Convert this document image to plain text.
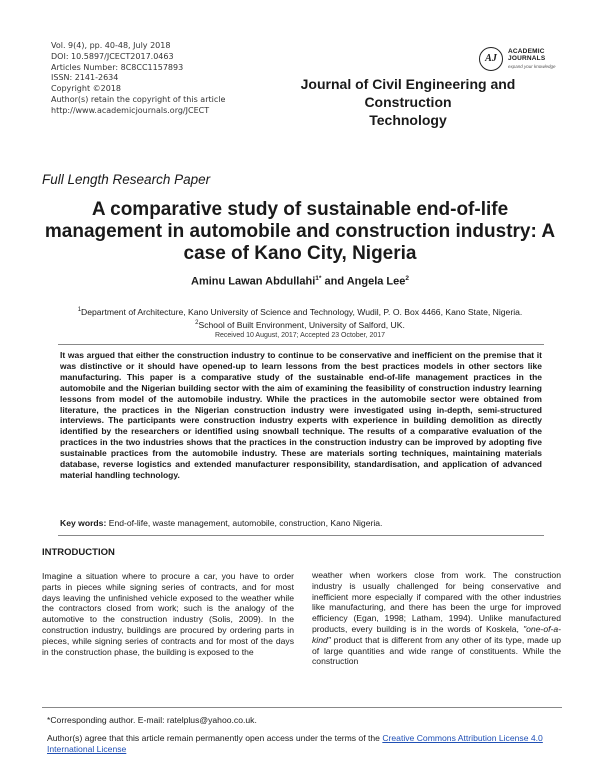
Vol. 9(4), pp. 40-48, July 2018
DOI: 10.5897/JCECT2017.0463
Articles Number: 8C8CC1157893
ISSN: 2141-2634
Copyright ©2018
Author(s) retain the copyright of this article
http://www.academicjournals.org/JCECT
AJ
ACADEMIC
JOURNALS
expand your knowledge
Journal of Civil Engineering and Construction
Technology
Full Length Research Paper
A comparative study of sustainable end-of-life management in automobile and construction industry: A case of Kano City, Nigeria
Aminu Lawan Abdullahi$^{1*}$ and Angela Lee$^2$
$^1$Department of Architecture, Kano University of Science and Technology, Wudil, P. O. Box 4466, Kano State, Nigeria.
$^2$School of Built Environment, University of Salford, UK.
Received 10 August, 2017; Accepted 23 October, 2017
It was argued that either the construction industry to continue to be conservative and inefficient on the premise that it was distinctive or it should have opened-up to learn lessons from the best practices models in other sectors like manufacturing. This paper is a comparative study of the sustainable end-of-life management practices in the automobile and the Nigerian building sector with the aim of examining the feasibility of construction industry learning lessons from model of the automobile industry. While the practices in the automobile sector were obtained from literature, the practices in the Nigerian construction industry were investigated using in-depth, semi-structured interviews. The participants were construction industry experts with experience in building demolition as directly identified by the researchers or identified using snowball technique. The results of a comparative evaluation of the practices in the two industries shows that the practices in the construction industry can be improved by adopting five sustainable practices from the automobile industry. These are materials sorting techniques, maintaining materials database, reverse logistics and extended manufacturer responsibility, standardisation, and application of advanced material handling technology.
Key words: End-of-life, waste management, automobile, construction, Kano Nigeria.
INTRODUCTION
Imagine a situation where to procure a car, you have to order parts in pieces while signing series of contracts, and for most days leaving the unfinished vehicle exposed to the weather while the contractors closed from work; such is the analogy of the automotive to the construction industry (Solis, 2009). In the construction industry, buildings are procured by ordering parts in pieces, while signing series of contracts and for most of the days in the construction phase, the building is exposed to the
weather when workers close from work. The construction industry is usually challenged for being conservative and inefficient more especially if compared with the other industries like manufacturing, and there has been the urge for improved efficiency (Egan, 1998; Latham, 1994). Unlike manufactured products, every building is in the words of Koskela, "one-of-a-kind" product that is different from any other of its type, made up of large quantities and wide range of constituents. While the construction
*Corresponding author. E-mail: ratelplus@yahoo.co.uk.
Author(s) agree that this article remain permanently open access under the terms of the Creative Commons Attribution License 4.0 International License
